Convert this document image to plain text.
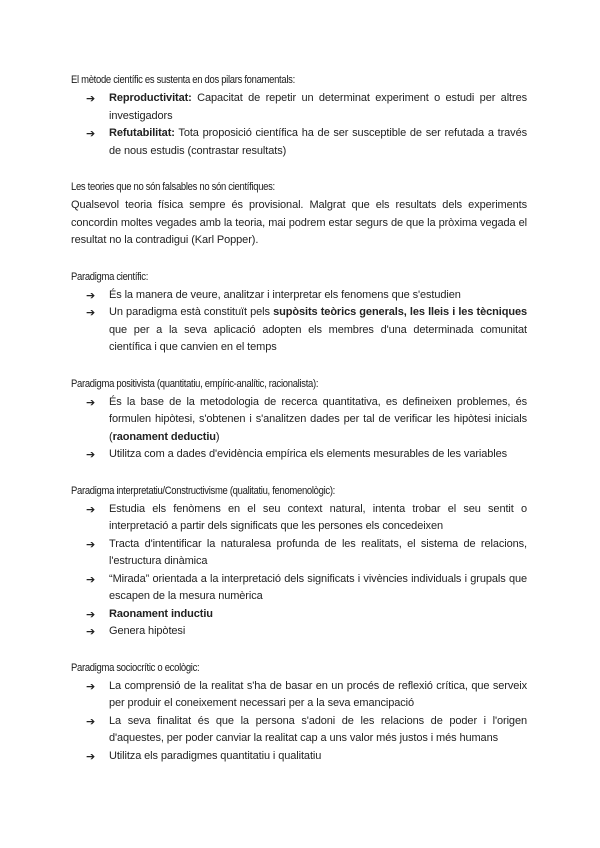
El mètode científic es sustenta en dos pilars fonamentals:
➔ Reproductivitat: Capacitat de repetir un determinat experiment o estudi per altres investigadors
➔ Refutabilitat: Tota proposició científica ha de ser susceptible de ser refutada a través de nous estudis (contrastar resultats)
Les teories que no són falsables no són científiques:
Qualsevol teoria física sempre és provisional. Malgrat que els resultats dels experiments concordin moltes vegades amb la teoria, mai podrem estar segurs de que la pròxima vegada el resultat no la contradigui (Karl Popper).
Paradigma científic:
➔ És la manera de veure, analitzar i interpretar els fenomens que s'estudien
➔ Un paradigma està constituït pels supòsits teòrics generals, les lleis i les tècniques que per a la seva aplicació adopten els membres d'una determinada comunitat científica i que canvien en el temps
Paradigma positivista (quantitatiu, empíric-analític, racionalista):
➔ És la base de la metodologia de recerca quantitativa, es defineixen problemes, és formulen hipòtesi, s'obtenen i s'analitzen dades per tal de verificar les hipòtesi inicials (raonament deductiu)
➔ Utilitza com a dades d'evidència empírica els elements mesurables de les variables
Paradigma interpretatiu/Constructivisme (qualitatiu, fenomenològic):
➔ Estudia els fenòmens en el seu context natural, intenta trobar el seu sentit o interpretació a partir dels significats que les persones els concedeixen
➔ Tracta d'intentificar la naturalesa profunda de les realitats, el sistema de relacions, l'estructura dinàmica
➔ “Mirada” orientada a la interpretació dels significats i vivències individuals i grupals que escapen de la mesura numèrica
➔ Raonament inductiu
➔ Genera hipòtesi
Paradigma sociocrític o ecològic:
➔ La comprensió de la realitat s'ha de basar en un procés de reflexió crítica, que serveix per produir el coneixement necessari per a la seva emancipació
➔ La seva finalitat és que la persona s'adoni de les relacions de poder i l'origen d'aquestes, per poder canviar la realitat cap a uns valor més justos i més humans
➔ Utilitza els paradigmes quantitatiu i qualitatiu
